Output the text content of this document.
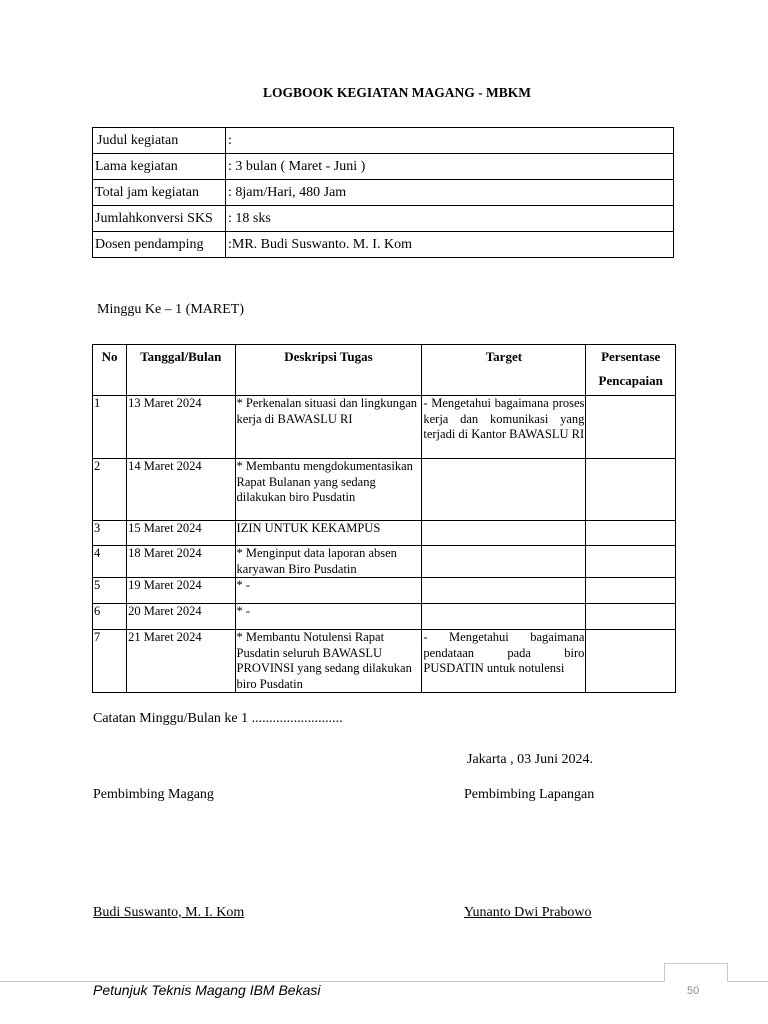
LOGBOOK KEGIATAN MAGANG - MBKM
Judul kegiatan	:
Lama kegiatan	: 3 bulan ( Maret - Juni )
Total jam kegiatan	: 8jam/Hari, 480 Jam
Jumlahkonversi SKS	: 18 sks
Dosen pendamping	:MR. Budi Suswanto. M. I. Kom
Minggu Ke – 1 (MARET)
No	Tanggal/Bulan	Deskripsi Tugas	Target	Persentase
Pencapaian
1	13 Maret 2024	* Perkenalan situasi dan lingkungan kerja di BAWASLU RI	- Mengetahui bagaimana proses kerja dan komunikasi yang terjadi di Kantor BAWASLU RI	
2	14 Maret 2024	* Membantu mengdokumentasikan Rapat Bulanan yang sedang dilakukan biro Pusdatin		
3	15 Maret 2024	IZIN UNTUK KEKAMPUS		
4	18 Maret 2024	* Menginput data laporan absen karyawan Biro Pusdatin		
5	19 Maret 2024	* -		
6	20 Maret 2024	* -		
7	21 Maret 2024	* Membantu Notulensi Rapat Pusdatin seluruh BAWASLU PROVINSI yang sedang dilakukan biro Pusdatin	- Mengetahui bagaimana pendataan pada biro PUSDATIN untuk notulensi	
Catatan Minggu/Bulan ke 1 ..........................
Jakarta , 03 Juni 2024.
Pembimbing Magang	Pembimbing Lapangan
Budi Suswanto, M. I. Kom	Yunanto Dwi Prabowo
Petunjuk Teknis Magang IBM Bekasi	50
